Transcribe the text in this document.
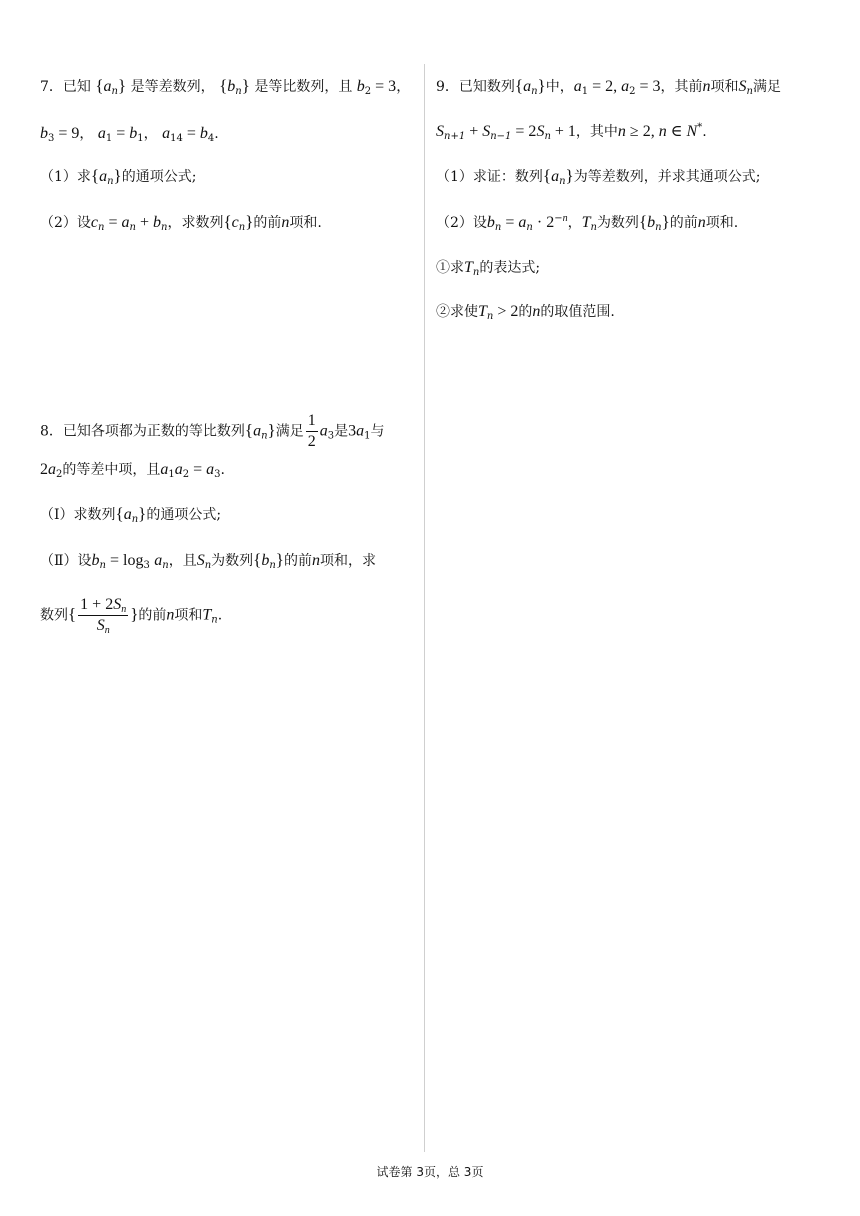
7．已知 $\{a_n\}$ 是等差数列， $\{b_n\}$ 是等比数列，且 $b_2 = 3$，
$b_3 = 9$， $a_1 = b_1$， $a_{14} = b_4$.
（1）求$\{a_n\}$的通项公式;
（2）设$c_n = a_n + b_n$，求数列$\{c_n\}$的前n项和.
8．已知各项都为正数的等比数列$\{a_n\}$满足 $\frac{1}{2} a_3$是$3a_1$与
$2a_2$的等差中项，且$a_1a_2 = a_3$.
（Ⅰ）求数列$\{a_n\}$的通项公式;
（Ⅱ）设$b_n = \log_3 a_n$，且$S_n$为数列$\{b_n\}$的前n项和，求
数列{ $\frac{1 + 2S_n}{S_n}$ }的前n项和$T_n$.
9．已知数列$\{a_n\}$中，$a_1 = 2$, $a_2 = 3$，其前n项和$S_n$满足
$S_{n+1} + S_{n-1} = 2S_n + 1$，其中n ≥ 2, n ∈ N*.
（1）求证：数列$\{a_n\}$为等差数列，并求其通项公式;
（2）设$b_n = a_n \cdot 2^{-n}$，$T_n$为数列$\{b_n\}$的前n项和.
①求$T_n$的表达式;
②求使$T_n > 2$的n的取值范围.
试卷第 3页，总 3页
